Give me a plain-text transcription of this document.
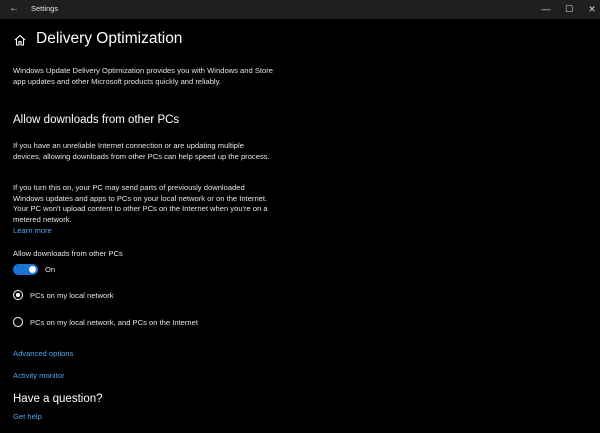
←	Settings	—	☐	✕
Delivery Optimization
Windows Update Delivery Optimization provides you with Windows and Store app updates and other Microsoft products quickly and reliably.
Allow downloads from other PCs
If you have an unreliable Internet connection or are updating multiple devices, allowing downloads from other PCs can help speed up the process.
If you turn this on, your PC may send parts of previously downloaded Windows updates and apps to PCs on your local network or on the Internet. Your PC won't upload content to other PCs on the Internet when you're on a metered network.
Learn more
Allow downloads from other PCs
On
PCs on my local network
PCs on my local network, and PCs on the Internet
Advanced options
Activity monitor
Have a question?
Get help
